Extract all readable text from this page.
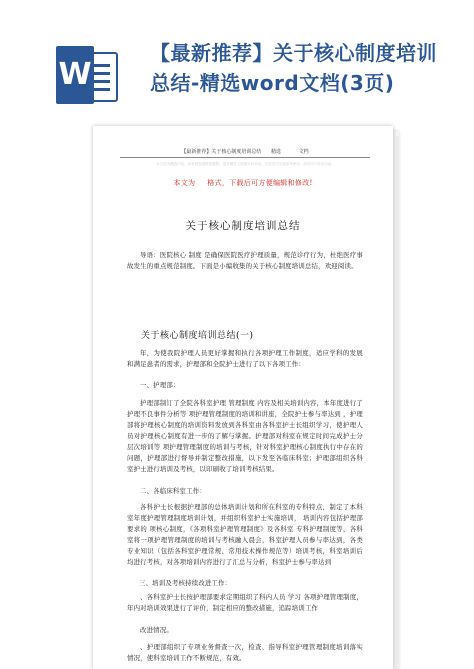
W
【最新推荐】关于核心制度培训总结-精选word文档(3页)
【最新推荐】关于核心制度培训总结 精选	文档
本文档为精选内容，如有侵权请联系删除，更多精选文档请访问本站，仅供学习交流参考使用，请勿用于商业用途。
本文为 格式，下载后可方便编辑和修改!
关于核心制度培训总结
导语：医院核心 制度 是确保医院医疗护理质量，规范诊疗行为，杜绝医疗事故发生的重点规范制度。下面是小编收集的关于核心制度培训总结，欢迎阅读。
关于核心制度培训总结(一)
年，为使我院护理人员更好掌握和执行各项护理工作制度，适应学科的发展和满足患者的需求，护理部和全院护士进行了以下各项工作：
一、护理部：
护理部制订了全院各科室护理 管理制度 内容及相关培训内容，本年度进行了护理不良事件分析等 项护理管理制度的培训和讲座，全院护士参与率达到 ，护理部将护理核心制度的培训资料发放到各科室由各科室护士长组织学习，使护理人员对护理核心制度有进一步的了解与掌握。护理部对科室在规定时间完成护士分层次培训等 项护理管理制度的培训与考核，针对科室护理核心制度执行中存在的问题，护理部进行督导并制定整改措施，以下发至各临床科室；护理部组织各科室护士进行培训及考核，以印刷收了培训考核结果。
二、各临床科室工作：
各科护士长根据护理部的总体培训计划和所在科室的专科特点，制定了本科室年度护理管理制度培训计划，并组织科室护士实施培训， 培训内容包括护理部要求的 项核心制度，《各项科室护理管理制度》及各科室 专科护理制度等，各科室将一项护理管理制度的培训与考核融入晨会，科室护理人员参与率达到，各类专业知识（包括各科室护理常规、常用技术操作规范等）培训考核，科室培训后均进行考核，对各项培训内容进行了汇总与分析，科室护士参与率达到
三、培训及考核持续改进工作：
、各科室护士长按护理部要求定期组织了科内人员 学习 各项护理管理制度，年内对培训效果进行了评价，制定相应的整改措施，追踪培训工作
改进情况。
、护理部组织了专项业务督查一次，检查、指导科室护理管理制度培训落实情况，使科室培训工作不断规范，有效。
